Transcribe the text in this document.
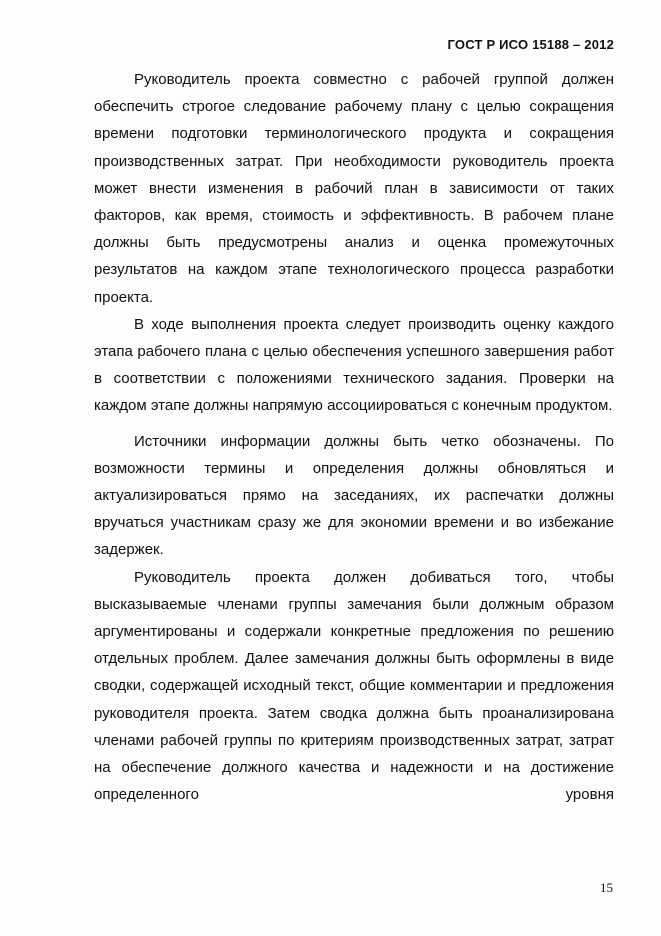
ГОСТ Р ИСО 15188 – 2012

Руководитель проекта совместно с рабочей группой должен обеспечить строгое следование рабочему плану с целью сокращения времени подготовки терминологического продукта и сокращения производственных затрат. При необходимости руководитель проекта может внести изменения в рабочий план в зависимости от таких факторов, как время, стоимость и эффективность. В рабочем плане должны быть предусмотрены анализ и оценка промежуточных результатов на каждом этапе технологического процесса разработки проекта.

В ходе выполнения проекта следует производить оценку каждого этапа рабочего плана с целью обеспечения успешного завершения работ в соответствии с положениями технического задания. Проверки на каждом этапе должны напрямую ассоциироваться с конечным продуктом.

Источники информации должны быть четко обозначены. По возможности термины и определения должны обновляться и актуализироваться прямо на заседаниях, их распечатки должны вручаться участникам сразу же для экономии времени и во избежание задержек.

Руководитель проекта должен добиваться того, чтобы высказываемые членами группы замечания были должным образом аргументированы и содержали конкретные предложения по решению отдельных проблем. Далее замечания должны быть оформлены в виде сводки, содержащей исходный текст, общие комментарии и предложения руководителя проекта. Затем сводка должна быть проанализирована членами рабочей группы по критериям производственных затрат, затрат на обеспечение должного качества и надежности и на достижение определенного уровня

15
